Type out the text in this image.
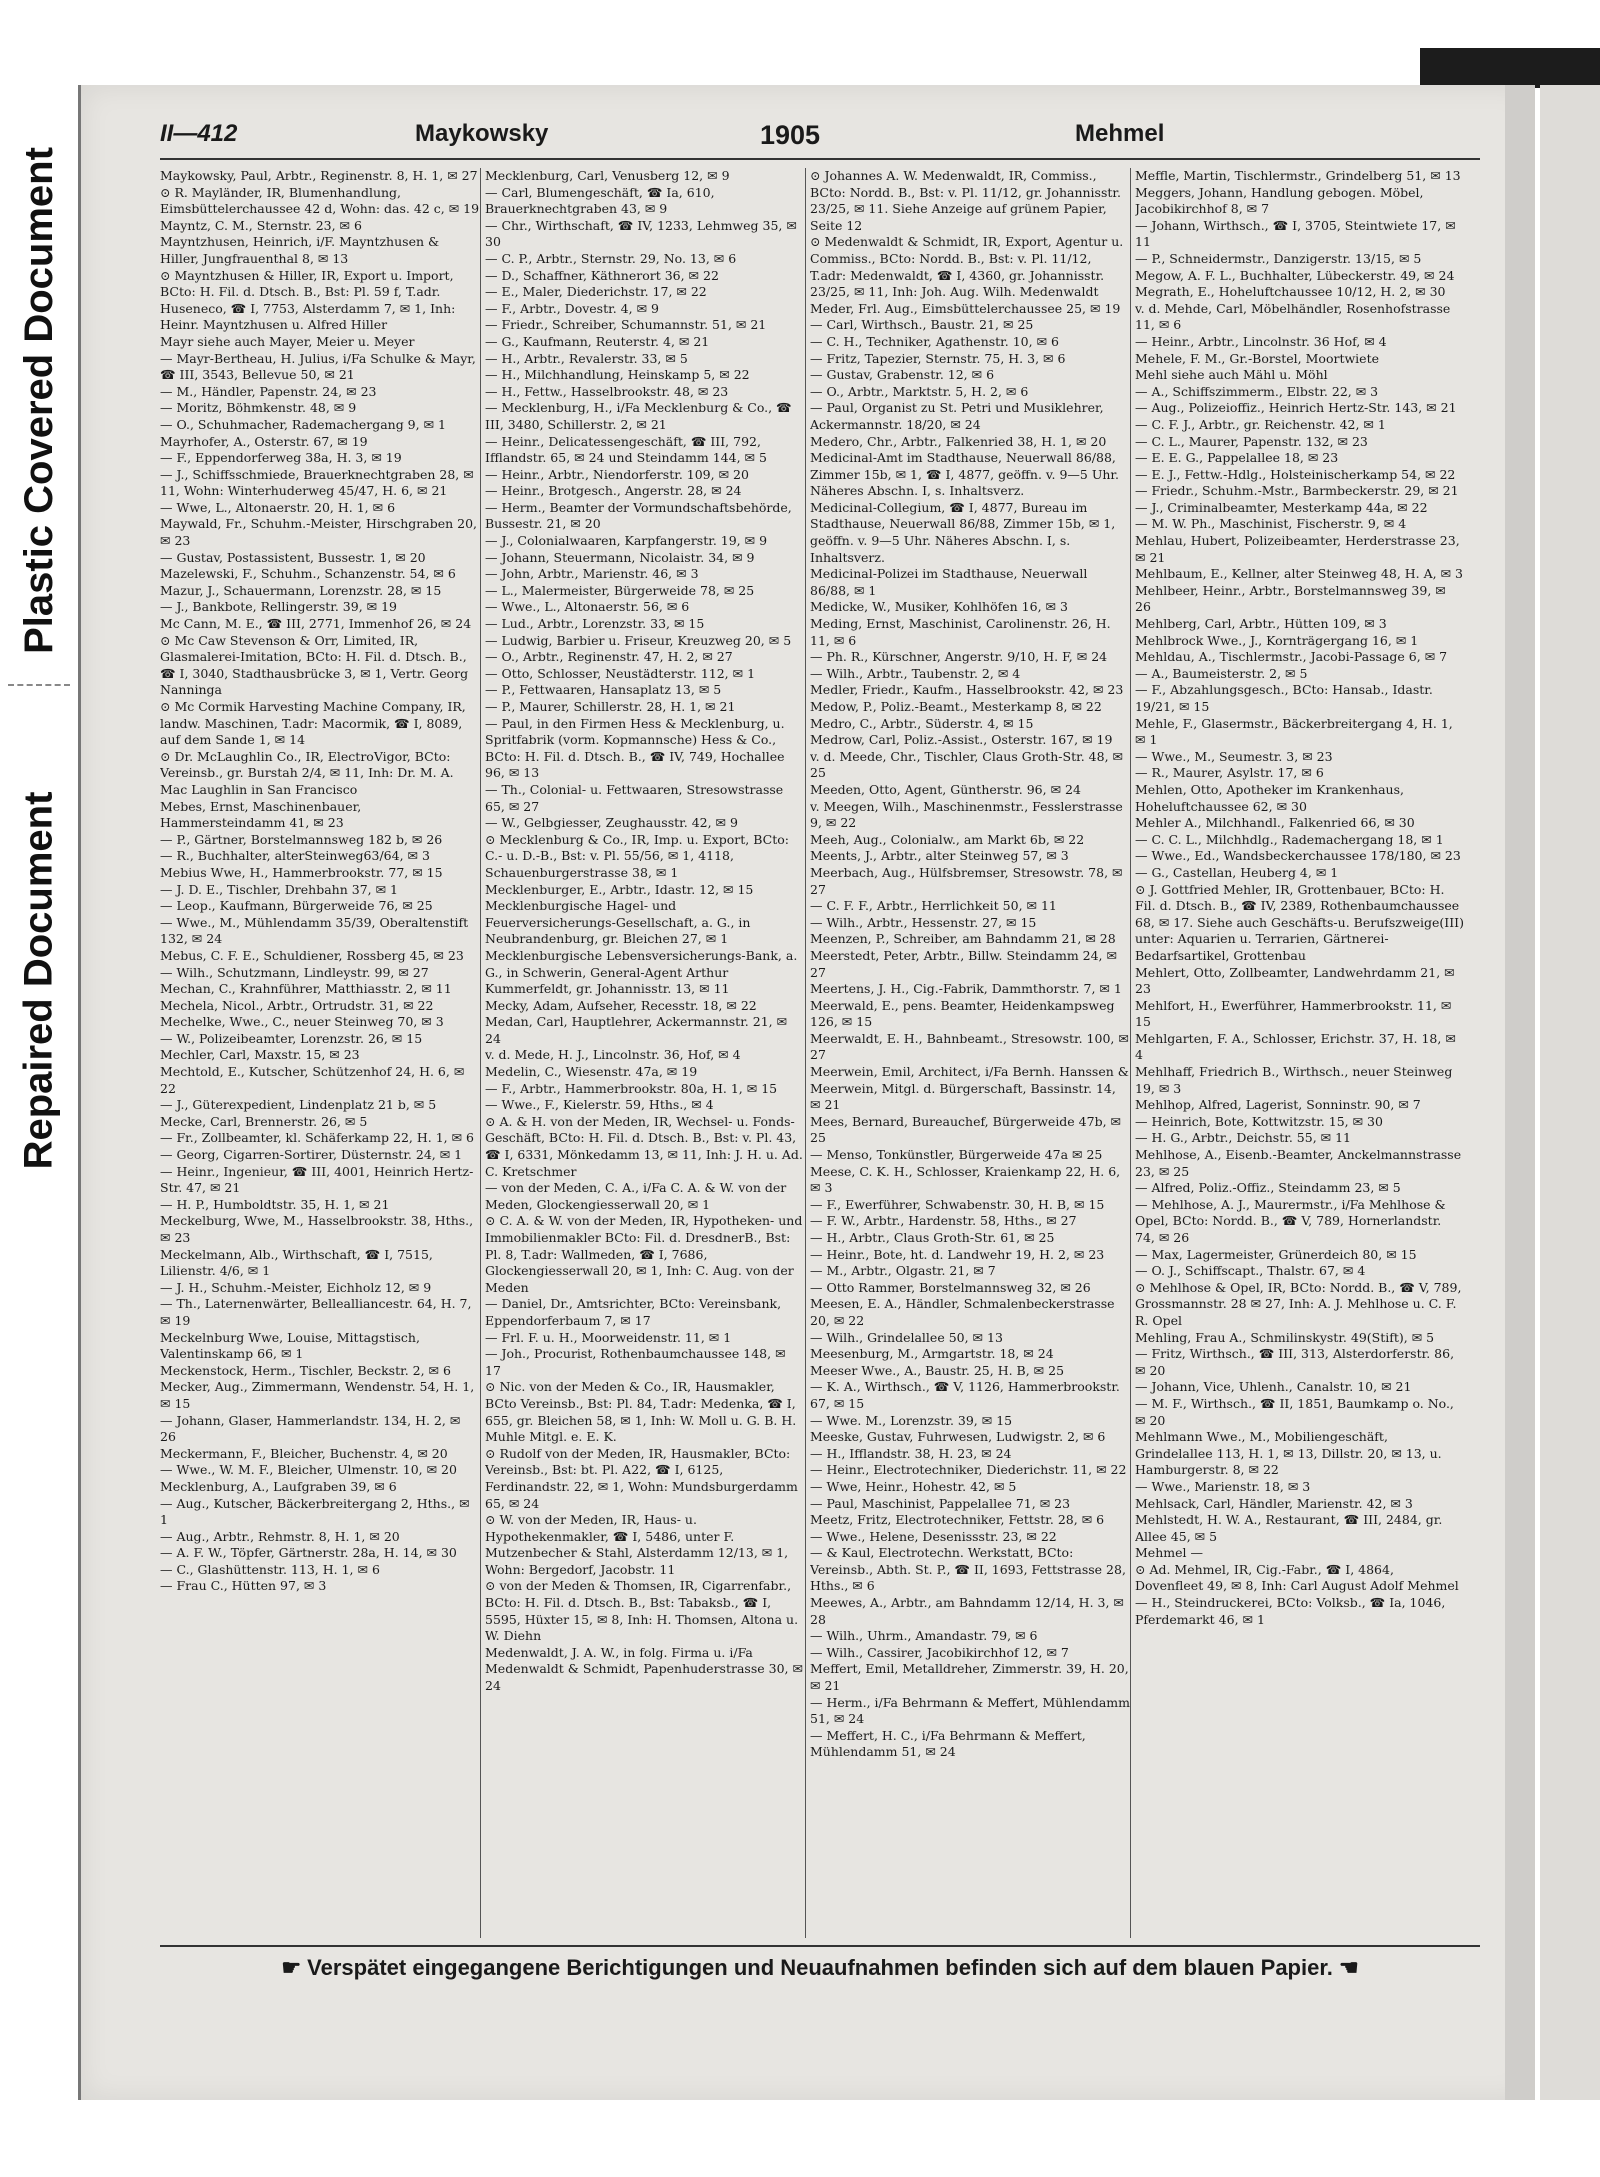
Plastic Covered Document
Repaired Document
II—412	Maykowsky	1905	Mehmel

Maykowsky, Paul, Arbtr., Reginenstr. 8, H. 1, ✉ 27

⊙ R. Mayländer, IR, Blumenhandlung, Eimsbüttelerchaussee 42 d, Wohn: das. 42 c, ✉ 19

Mayntz, C. M., Sternstr. 23, ✉ 6

Mayntzhusen, Heinrich, i/F. Mayntzhusen & Hiller, Jungfrauenthal 8, ✉ 13

⊙ Mayntzhusen & Hiller, IR, Export u. Import, BCto: H. Fil. d. Dtsch. B., Bst: Pl. 59 f, T.adr. Huseneco, ☎ I, 7753, Alsterdamm 7, ✉ 1, Inh: Heinr. Mayntzhusen u. Alfred Hiller

Mayr siehe auch Mayer, Meier u. Meyer

— Mayr-Bertheau, H. Julius, i/Fa Schulke & Mayr, ☎ III, 3543, Bellevue 50, ✉ 21

— M., Händler, Papenstr. 24, ✉ 23

— Moritz, Böhmkenstr. 48, ✉ 9

— O., Schuhmacher, Rademachergang 9, ✉ 1

Mayrhofer, A., Osterstr. 67, ✉ 19

— F., Eppendorferweg 38a, H. 3, ✉ 19

— J., Schiffsschmiede, Brauerknechtgraben 28, ✉ 11, Wohn: Winterhuderweg 45/47, H. 6, ✉ 21

— Wwe, L., Altonaerstr. 20, H. 1, ✉ 6

Maywald, Fr., Schuhm.-Meister, Hirschgraben 20, ✉ 23

— Gustav, Postassistent, Bussestr. 1, ✉ 20

Mazelewski, F., Schuhm., Schanzenstr. 54, ✉ 6

Mazur, J., Schauermann, Lorenzstr. 28, ✉ 15

— J., Bankbote, Rellingerstr. 39, ✉ 19

Mc Cann, M. E., ☎ III, 2771, Immenhof 26, ✉ 24

⊙ Mc Caw Stevenson & Orr, Limited, IR, Glasmalerei-Imitation, BCto: H. Fil. d. Dtsch. B., ☎ I, 3040, Stadthausbrücke 3, ✉ 1, Vertr. Georg Nanninga

⊙ Mc Cormik Harvesting Machine Company, IR, landw. Maschinen, T.adr: Macormik, ☎ I, 8089, auf dem Sande 1, ✉ 14

⊙ Dr. McLaughlin Co., IR, ElectroVigor, BCto: Vereinsb., gr. Burstah 2/4, ✉ 11, Inh: Dr. M. A. Mac Laughlin in San Francisco

Mebes, Ernst, Maschinenbauer, Hammersteindamm 41, ✉ 23

— P., Gärtner, Borstelmannsweg 182 b, ✉ 26

— R., Buchhalter, alterSteinweg63/64, ✉ 3

Mebius Wwe, H., Hammerbrookstr. 77, ✉ 15

— J. D. E., Tischler, Drehbahn 37, ✉ 1

— Leop., Kaufmann, Bürgerweide 76, ✉ 25

— Wwe., M., Mühlendamm 35/39, Oberaltenstift 132, ✉ 24

Mebus, C. F. E., Schuldiener, Rossberg 45, ✉ 23

— Wilh., Schutzmann, Lindleystr. 99, ✉ 27

Mechan, C., Krahnführer, Matthiasstr. 2, ✉ 11

Mechela, Nicol., Arbtr., Ortrudstr. 31, ✉ 22

Mechelke, Wwe., C., neuer Steinweg 70, ✉ 3

— W., Polizeibeamter, Lorenzstr. 26, ✉ 15

Mechler, Carl, Maxstr. 15, ✉ 23

Mechtold, E., Kutscher, Schützenhof 24, H. 6, ✉ 22

— J., Güterexpedient, Lindenplatz 21 b, ✉ 5

Mecke, Carl, Brennerstr. 26, ✉ 5

— Fr., Zollbeamter, kl. Schäferkamp 22, H. 1, ✉ 6

— Georg, Cigarren-Sortirer, Düsternstr. 24, ✉ 1

— Heinr., Ingenieur, ☎ III, 4001, Heinrich Hertz-Str. 47, ✉ 21

— H. P., Humboldtstr. 35, H. 1, ✉ 21

Meckelburg, Wwe, M., Hasselbrookstr. 38, Hths., ✉ 23

Meckelmann, Alb., Wirthschaft, ☎ I, 7515, Lilienstr. 4/6, ✉ 1

— J. H., Schuhm.-Meister, Eichholz 12, ✉ 9

— Th., Laternenwärter, Bellealliancestr. 64, H. 7, ✉ 19

Meckelnburg Wwe, Louise, Mittagstisch, Valentinskamp 66, ✉ 1

Meckenstock, Herm., Tischler, Beckstr. 2, ✉ 6

Mecker, Aug., Zimmermann, Wendenstr. 54, H. 1, ✉ 15

— Johann, Glaser, Hammerlandstr. 134, H. 2, ✉ 26

Meckermann, F., Bleicher, Buchenstr. 4, ✉ 20

— Wwe., W. M. F., Bleicher, Ulmenstr. 10, ✉ 20

Mecklenburg, A., Laufgraben 39, ✉ 6

— Aug., Kutscher, Bäckerbreitergang 2, Hths., ✉ 1

— Aug., Arbtr., Rehmstr. 8, H. 1, ✉ 20

— A. F. W., Töpfer, Gärtnerstr. 28a, H. 14, ✉ 30

— C., Glashüttenstr. 113, H. 1, ✉ 6

— Frau C., Hütten 97, ✉ 3

Mecklenburg, Carl, Venusberg 12, ✉ 9

— Carl, Blumengeschäft, ☎ Ia, 610, Brauerknechtgraben 43, ✉ 9

— Chr., Wirthschaft, ☎ IV, 1233, Lehmweg 35, ✉ 30

— C. P., Arbtr., Sternstr. 29, No. 13, ✉ 6

— D., Schaffner, Käthnerort 36, ✉ 22

— E., Maler, Diederichstr. 17, ✉ 22

— F., Arbtr., Dovestr. 4, ✉ 9

— Friedr., Schreiber, Schumannstr. 51, ✉ 21

— G., Kaufmann, Reuterstr. 4, ✉ 21

— H., Arbtr., Revalerstr. 33, ✉ 5

— H., Milchhandlung, Heinskamp 5, ✉ 22

— H., Fettw., Hasselbrookstr. 48, ✉ 23

— Mecklenburg, H., i/Fa Mecklenburg & Co., ☎ III, 3480, Schillerstr. 2, ✉ 21

— Heinr., Delicatessengeschäft, ☎ III, 792, Ifflandstr. 65, ✉ 24 und Steindamm 144, ✉ 5

— Heinr., Arbtr., Niendorferstr. 109, ✉ 20

— Heinr., Brotgesch., Angerstr. 28, ✉ 24

— Herm., Beamter der Vormundschaftsbehörde, Bussestr. 21, ✉ 20

— J., Colonialwaaren, Karpfangerstr. 19, ✉ 9

— Johann, Steuermann, Nicolaistr. 34, ✉ 9

— John, Arbtr., Marienstr. 46, ✉ 3

— L., Malermeister, Bürgerweide 78, ✉ 25

— Wwe., L., Altonaerstr. 56, ✉ 6

— Lud., Arbtr., Lorenzstr. 33, ✉ 15

— Ludwig, Barbier u. Friseur, Kreuzweg 20, ✉ 5

— O., Arbtr., Reginenstr. 47, H. 2, ✉ 27

— Otto, Schlosser, Neustädterstr. 112, ✉ 1

— P., Fettwaaren, Hansaplatz 13, ✉ 5

— P., Maurer, Schillerstr. 28, H. 1, ✉ 21

— Paul, in den Firmen Hess & Mecklenburg, u. Spritfabrik (vorm. Kopmannsche) Hess & Co., BCto: H. Fil. d. Dtsch. B., ☎ IV, 749, Hochallee 96, ✉ 13

— Th., Colonial- u. Fettwaaren, Stresowstrasse 65, ✉ 27

— W., Gelbgiesser, Zeughausstr. 42, ✉ 9

⊙ Mecklenburg & Co., IR, Imp. u. Export, BCto: C.- u. D.-B., Bst: v. Pl. 55/56, ✉ 1, 4118, Schauenburgerstrasse 38, ✉ 1

Mecklenburger, E., Arbtr., Idastr. 12, ✉ 15

Mecklenburgische Hagel- und Feuerversicherungs-Gesellschaft, a. G., in Neubrandenburg, gr. Bleichen 27, ✉ 1

Mecklenburgische Lebensversicherungs-Bank, a. G., in Schwerin, General-Agent Arthur Kummerfeldt, gr. Johannisstr. 13, ✉ 11

Mecky, Adam, Aufseher, Recesstr. 18, ✉ 22

Medan, Carl, Hauptlehrer, Ackermannstr. 21, ✉ 24

v. d. Mede, H. J., Lincolnstr. 36, Hof, ✉ 4

Medelin, C., Wiesenstr. 47a, ✉ 19

— F., Arbtr., Hammerbrookstr. 80a, H. 1, ✉ 15

— Wwe., F., Kielerstr. 59, Hths., ✉ 4

⊙ A. & H. von der Meden, IR, Wechsel- u. Fonds-Geschäft, BCto: H. Fil. d. Dtsch. B., Bst: v. Pl. 43, ☎ I, 6331, Mönkedamm 13, ✉ 11, Inh: J. H. u. Ad. C. Kretschmer

— von der Meden, C. A., i/Fa C. A. & W. von der Meden, Glockengiesserwall 20, ✉ 1

⊙ C. A. & W. von der Meden, IR, Hypotheken- und Immobilienmakler BCto: Fil. d. DresdnerB., Bst: Pl. 8, T.adr: Wallmeden, ☎ I, 7686, Glockengiesserwall 20, ✉ 1, Inh: C. Aug. von der Meden

— Daniel, Dr., Amtsrichter, BCto: Vereinsbank, Eppendorferbaum 7, ✉ 17

— Frl. F. u. H., Moorweidenstr. 11, ✉ 1

— Joh., Procurist, Rothenbaumchaussee 148, ✉ 17

⊙ Nic. von der Meden & Co., IR, Hausmakler, BCto Vereinsb., Bst: Pl. 84, T.adr: Medenka, ☎ I, 655, gr. Bleichen 58, ✉ 1, Inh: W. Moll u. G. B. H. Muhle Mitgl. e. E. K.

⊙ Rudolf von der Meden, IR, Hausmakler, BCto: Vereinsb., Bst: bt. Pl. A22, ☎ I, 6125, Ferdinandstr. 22, ✉ 1, Wohn: Mundsburgerdamm 65, ✉ 24

⊙ W. von der Meden, IR, Haus- u. Hypothekenmakler, ☎ I, 5486, unter F. Mutzenbecher & Stahl, Alsterdamm 12/13, ✉ 1, Wohn: Bergedorf, Jacobstr. 11

⊙ von der Meden & Thomsen, IR, Cigarrenfabr., BCto: H. Fil. d. Dtsch. B., Bst: Tabaksb., ☎ I, 5595, Hüxter 15, ✉ 8, Inh: H. Thomsen, Altona u. W. Diehn

Medenwaldt, J. A. W., in folg. Firma u. i/Fa Medenwaldt & Schmidt, Papenhuderstrasse 30, ✉ 24

⊙ Johannes A. W. Medenwaldt, IR, Commiss., BCto: Nordd. B., Bst: v. Pl. 11/12, gr. Johannisstr. 23/25, ✉ 11. Siehe Anzeige auf grünem Papier, Seite 12

⊙ Medenwaldt & Schmidt, IR, Export, Agentur u. Commiss., BCto: Nordd. B., Bst: v. Pl. 11/12, T.adr: Medenwaldt, ☎ I, 4360, gr. Johannisstr. 23/25, ✉ 11, Inh: Joh. Aug. Wilh. Medenwaldt

Meder, Frl. Aug., Eimsbüttelerchaussee 25, ✉ 19

— Carl, Wirthsch., Baustr. 21, ✉ 25

— C. H., Techniker, Agathenstr. 10, ✉ 6

— Fritz, Tapezier, Sternstr. 75, H. 3, ✉ 6

— Gustav, Grabenstr. 12, ✉ 6

— O., Arbtr., Marktstr. 5, H. 2, ✉ 6

— Paul, Organist zu St. Petri und Musiklehrer, Ackermannstr. 18/20, ✉ 24

Medero, Chr., Arbtr., Falkenried 38, H. 1, ✉ 20

Medicinal-Amt im Stadthause, Neuerwall 86/88, Zimmer 15b, ✉ 1, ☎ I, 4877, geöffn. v. 9—5 Uhr. Näheres Abschn. I, s. Inhaltsverz.

Medicinal-Collegium, ☎ I, 4877, Bureau im Stadthause, Neuerwall 86/88, Zimmer 15b, ✉ 1, geöffn. v. 9—5 Uhr. Näheres Abschn. I, s. Inhaltsverz.

Medicinal-Polizei im Stadthause, Neuerwall 86/88, ✉ 1

Medicke, W., Musiker, Kohlhöfen 16, ✉ 3

Meding, Ernst, Maschinist, Carolinenstr. 26, H. 11, ✉ 6

— Ph. R., Kürschner, Angerstr. 9/10, H. F, ✉ 24

— Wilh., Arbtr., Taubenstr. 2, ✉ 4

Medler, Friedr., Kaufm., Hasselbrookstr. 42, ✉ 23

Medow, P., Poliz.-Beamt., Mesterkamp 8, ✉ 22

Medro, C., Arbtr., Süderstr. 4, ✉ 15

Medrow, Carl, Poliz.-Assist., Osterstr. 167, ✉ 19

v. d. Meede, Chr., Tischler, Claus Groth-Str. 48, ✉ 25

Meeden, Otto, Agent, Güntherstr. 96, ✉ 24

v. Meegen, Wilh., Maschinenmstr., Fesslerstrasse 9, ✉ 22

Meeh, Aug., Colonialw., am Markt 6b, ✉ 22

Meents, J., Arbtr., alter Steinweg 57, ✉ 3

Meerbach, Aug., Hülfsbremser, Stresowstr. 78, ✉ 27

— C. F. F., Arbtr., Herrlichkeit 50, ✉ 11

— Wilh., Arbtr., Hessenstr. 27, ✉ 15

Meenzen, P., Schreiber, am Bahndamm 21, ✉ 28

Meerstedt, Peter, Arbtr., Billw. Steindamm 24, ✉ 27

Meertens, J. H., Cig.-Fabrik, Dammthorstr. 7, ✉ 1

Meerwald, E., pens. Beamter, Heidenkampsweg 126, ✉ 15

Meerwaldt, E. H., Bahnbeamt., Stresowstr. 100, ✉ 27

Meerwein, Emil, Architect, i/Fa Bernh. Hanssen & Meerwein, Mitgl. d. Bürgerschaft, Bassinstr. 14, ✉ 21

Mees, Bernard, Bureauchef, Bürgerweide 47b, ✉ 25

— Menso, Tonkünstler, Bürgerweide 47a ✉ 25

Meese, C. K. H., Schlosser, Kraienkamp 22, H. 6, ✉ 3

— F., Ewerführer, Schwabenstr. 30, H. B, ✉ 15

— F. W., Arbtr., Hardenstr. 58, Hths., ✉ 27

— H., Arbtr., Claus Groth-Str. 61, ✉ 25

— Heinr., Bote, ht. d. Landwehr 19, H. 2, ✉ 23

— M., Arbtr., Olgastr. 21, ✉ 7

— Otto Rammer, Borstelmannsweg 32, ✉ 26

Meesen, E. A., Händler, Schmalenbeckerstrasse 20, ✉ 22

— Wilh., Grindelallee 50, ✉ 13

Meesenburg, M., Armgartstr. 18, ✉ 24

Meeser Wwe., A., Baustr. 25, H. B, ✉ 25

— K. A., Wirthsch., ☎ V, 1126, Hammerbrookstr. 67, ✉ 15

— Wwe. M., Lorenzstr. 39, ✉ 15

Meeske, Gustav, Fuhrwesen, Ludwigstr. 2, ✉ 6

— H., Ifflandstr. 38, H. 23, ✉ 24

— Heinr., Electrotechniker, Diederichstr. 11, ✉ 22

— Wwe, Heinr., Hohestr. 42, ✉ 5

— Paul, Maschinist, Pappelallee 71, ✉ 23

Meetz, Fritz, Electrotechniker, Fettstr. 28, ✉ 6

— Wwe., Helene, Desenissstr. 23, ✉ 22

— & Kaul, Electrotechn. Werkstatt, BCto: Vereinsb., Abth. St. P., ☎ II, 1693, Fettstrasse 28, Hths., ✉ 6

Meewes, A., Arbtr., am Bahndamm 12/14, H. 3, ✉ 28

— Wilh., Uhrm., Amandastr. 79, ✉ 6

— Wilh., Cassirer, Jacobikirchhof 12, ✉ 7

Meffert, Emil, Metalldreher, Zimmerstr. 39, H. 20, ✉ 21

— Herm., i/Fa Behrmann & Meffert, Mühlendamm 51, ✉ 24

— Meffert, H. C., i/Fa Behrmann & Meffert, Mühlendamm 51, ✉ 24

Meffle, Martin, Tischlermstr., Grindelberg 51, ✉ 13

Meggers, Johann, Handlung gebogen. Möbel, Jacobikirchhof 8, ✉ 7

— Johann, Wirthsch., ☎ I, 3705, Steintwiete 17, ✉ 11

— P., Schneidermstr., Danzigerstr. 13/15, ✉ 5

Megow, A. F. L., Buchhalter, Lübeckerstr. 49, ✉ 24

Megrath, E., Hoheluftchaussee 10/12, H. 2, ✉ 30

v. d. Mehde, Carl, Möbelhändler, Rosenhofstrasse 11, ✉ 6

— Heinr., Arbtr., Lincolnstr. 36 Hof, ✉ 4

Mehele, F. M., Gr.-Borstel, Moortwiete

Mehl siehe auch Mähl u. Möhl

— A., Schiffszimmerm., Elbstr. 22, ✉ 3

— Aug., Polizeioffiz., Heinrich Hertz-Str. 143, ✉ 21

— C. F. J., Arbtr., gr. Reichenstr. 42, ✉ 1

— C. L., Maurer, Papenstr. 132, ✉ 23

— E. E. G., Pappelallee 18, ✉ 23

— E. J., Fettw.-Hdlg., Holsteinischerkamp 54, ✉ 22

— Friedr., Schuhm.-Mstr., Barmbeckerstr. 29, ✉ 21

— J., Criminalbeamter, Mesterkamp 44a, ✉ 22

— M. W. Ph., Maschinist, Fischerstr. 9, ✉ 4

Mehlau, Hubert, Polizeibeamter, Herderstrasse 23, ✉ 21

Mehlbaum, E., Kellner, alter Steinweg 48, H. A, ✉ 3

Mehlbeer, Heinr., Arbtr., Borstelmannsweg 39, ✉ 26

Mehlberg, Carl, Arbtr., Hütten 109, ✉ 3

Mehlbrock Wwe., J., Kornträgergang 16, ✉ 1

Mehldau, A., Tischlermstr., Jacobi-Passage 6, ✉ 7

— A., Baumeisterstr. 2, ✉ 5

— F., Abzahlungsgesch., BCto: Hansab., Idastr. 19/21, ✉ 15

Mehle, F., Glasermstr., Bäckerbreitergang 4, H. 1, ✉ 1

— Wwe., M., Seumestr. 3, ✉ 23

— R., Maurer, Asylstr. 17, ✉ 6

Mehlen, Otto, Apotheker im Krankenhaus, Hoheluftchaussee 62, ✉ 30

Mehler A., Milchhandl., Falkenried 66, ✉ 30

— C. C. L., Milchhdlg., Rademachergang 18, ✉ 1

— Wwe., Ed., Wandsbeckerchaussee 178/180, ✉ 23

— G., Castellan, Heuberg 4, ✉ 1

⊙ J. Gottfried Mehler, IR, Grottenbauer, BCto: H. Fil. d. Dtsch. B., ☎ IV, 2389, Rothenbaumchaussee 68, ✉ 17. Siehe auch Geschäfts-u. Berufszweige(III) unter: Aquarien u. Terrarien, Gärtnerei-Bedarfsartikel, Grottenbau

Mehlert, Otto, Zollbeamter, Landwehrdamm 21, ✉ 23

Mehlfort, H., Ewerführer, Hammerbrookstr. 11, ✉ 15

Mehlgarten, F. A., Schlosser, Erichstr. 37, H. 18, ✉ 4

Mehlhaff, Friedrich B., Wirthsch., neuer Steinweg 19, ✉ 3

Mehlhop, Alfred, Lagerist, Sonninstr. 90, ✉ 7

— Heinrich, Bote, Kottwitzstr. 15, ✉ 30

— H. G., Arbtr., Deichstr. 55, ✉ 11

Mehlhose, A., Eisenb.-Beamter, Anckelmannstrasse 23, ✉ 25

— Alfred, Poliz.-Offiz., Steindamm 23, ✉ 5

— Mehlhose, A. J., Maurermstr., i/Fa Mehlhose & Opel, BCto: Nordd. B., ☎ V, 789, Hornerlandstr. 74, ✉ 26

— Max, Lagermeister, Grünerdeich 80, ✉ 15

— O. J., Schiffscapt., Thalstr. 67, ✉ 4

⊙ Mehlhose & Opel, IR, BCto: Nordd. B., ☎ V, 789, Grossmannstr. 28 ✉ 27, Inh: A. J. Mehlhose u. C. F. R. Opel

Mehling, Frau A., Schmilinskystr. 49(Stift), ✉ 5

— Fritz, Wirthsch., ☎ III, 313, Alsterdorferstr. 86, ✉ 20

— Johann, Vice, Uhlenh., Canalstr. 10, ✉ 21

— M. F., Wirthsch., ☎ II, 1851, Baumkamp o. No., ✉ 20

Mehlmann Wwe., M., Mobiliengeschäft, Grindelallee 113, H. 1, ✉ 13, Dillstr. 20, ✉ 13, u. Hamburgerstr. 8, ✉ 22

— Wwe., Marienstr. 18, ✉ 3

Mehlsack, Carl, Händler, Marienstr. 42, ✉ 3

Mehlstedt, H. W. A., Restaurant, ☎ III, 2484, gr. Allee 45, ✉ 5

Mehmel —

⊙ Ad. Mehmel, IR, Cig.-Fabr., ☎ I, 4864, Dovenfleet 49, ✉ 8, Inh: Carl August Adolf Mehmel

— H., Steindruckerei, BCto: Volksb., ☎ Ia, 1046, Pferdemarkt 46, ✉ 1

☛ Verspätet eingegangene Berichtigungen und Neuaufnahmen befinden sich auf dem blauen Papier. ☚
